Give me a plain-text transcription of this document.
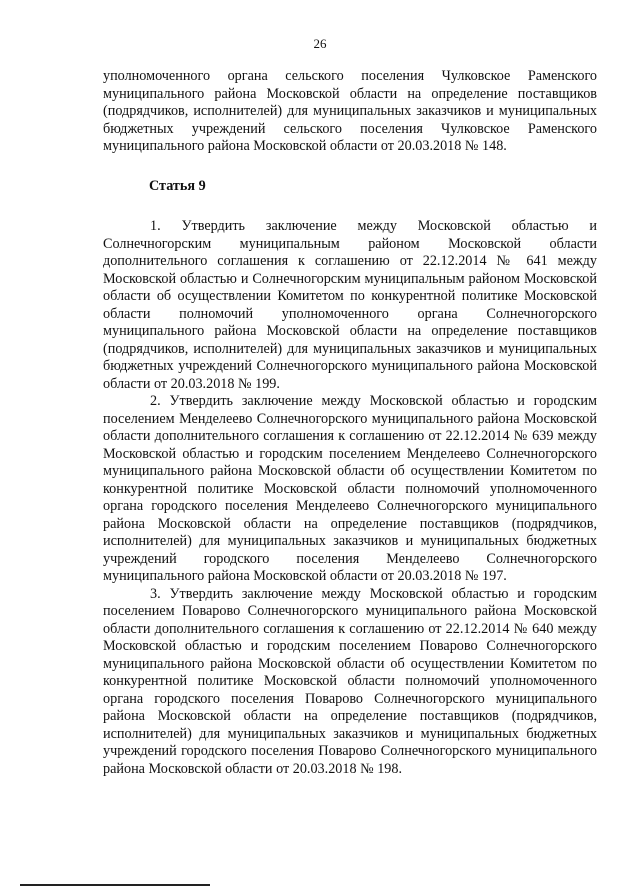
26

уполномоченного органа сельского поселения Чулковское Раменского муниципального района Московской области на определение поставщиков (подрядчиков, исполнителей) для муниципальных заказчиков и муниципальных бюджетных учреждений сельского поселения Чулковское Раменского муниципального района Московской области от 20.03.2018 № 148.

Статья 9

1. Утвердить заключение между Московской областью и Солнечногорским муниципальным районом Московской области дополнительного соглашения к соглашению от 22.12.2014 № 641 между Московской областью и Солнечногорским муниципальным районом Московской области об осуществлении Комитетом по конкурентной политике Московской области полномочий уполномоченного органа Солнечногорского муниципального района Московской области на определение поставщиков (подрядчиков, исполнителей) для муниципальных заказчиков и муниципальных бюджетных учреждений Солнечногорского муниципального района Московской области от 20.03.2018 № 199.

2. Утвердить заключение между Московской областью и городским поселением Менделеево Солнечногорского муниципального района Московской области дополнительного соглашения к соглашению от 22.12.2014 № 639 между Московской областью и городским поселением Менделеево Солнечногорского муниципального района Московской области об осуществлении Комитетом по конкурентной политике Московской области полномочий уполномоченного органа городского поселения Менделеево Солнечногорского муниципального района Московской области на определение поставщиков (подрядчиков, исполнителей) для муниципальных заказчиков и муниципальных бюджетных учреждений городского поселения Менделеево Солнечногорского муниципального района Московской области от 20.03.2018 № 197.

3. Утвердить заключение между Московской областью и городским поселением Поварово Солнечногорского муниципального района Московской области дополнительного соглашения к соглашению от 22.12.2014 № 640 между Московской областью и городским поселением Поварово Солнечногорского муниципального района Московской области об осуществлении Комитетом по конкурентной политике Московской области полномочий уполномоченного органа городского поселения Поварово Солнечногорского муниципального района Московской области на определение поставщиков (подрядчиков, исполнителей) для муниципальных заказчиков и муниципальных бюджетных учреждений городского поселения Поварово Солнечногорского муниципального района Московской области от 20.03.2018 № 198.
